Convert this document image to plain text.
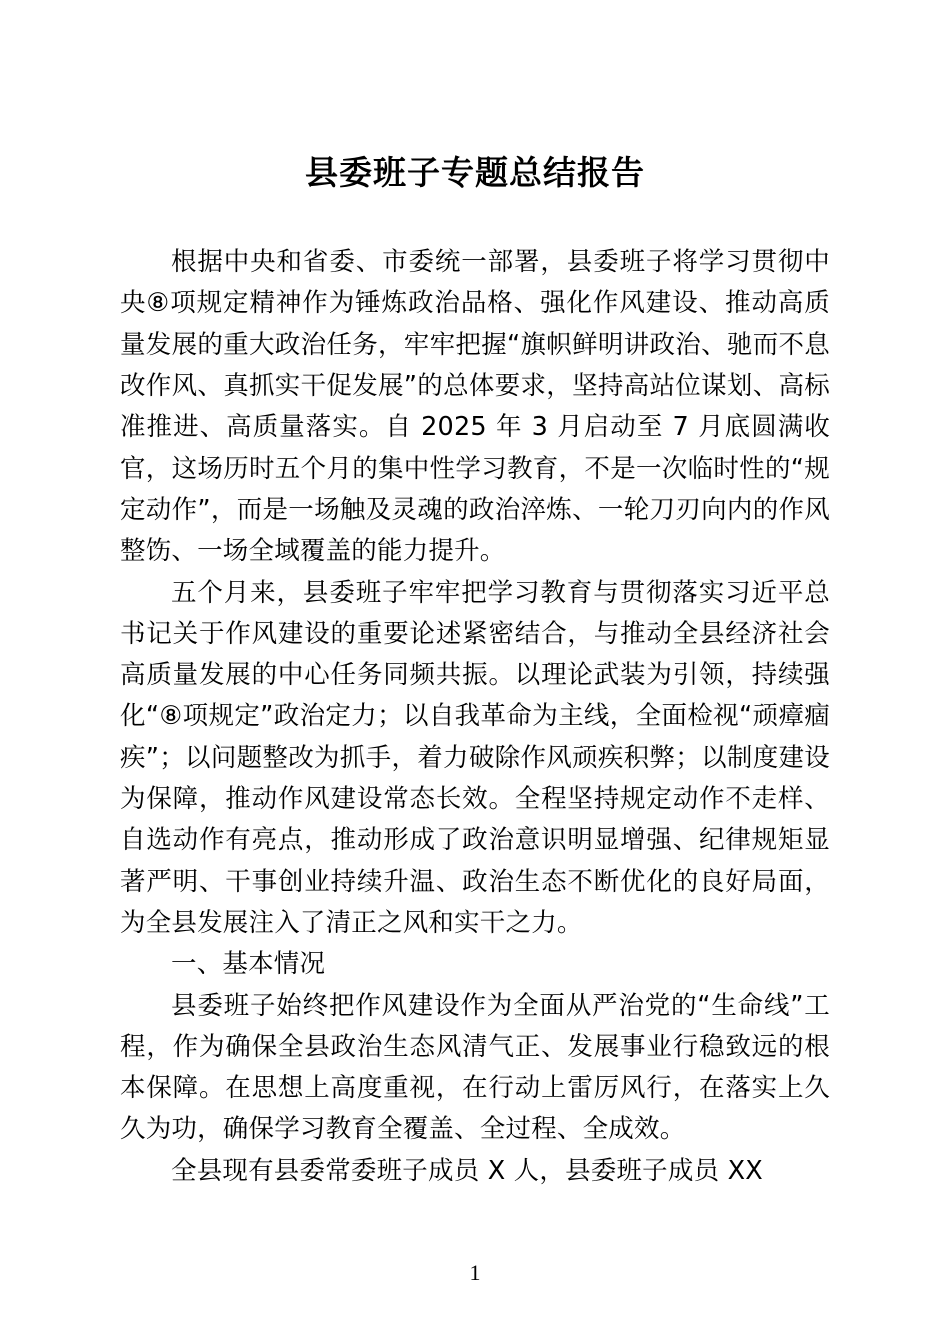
县委班子专题总结报告

根据中央和省委、市委统一部署，县委班子将学习贯彻中央⑧项规定精神作为锤炼政治品格、强化作风建设、推动高质量发展的重大政治任务，牢牢把握“旗帜鲜明讲政治、驰而不息改作风、真抓实干促发展”的总体要求，坚持高站位谋划、高标准推进、高质量落实。自 2025 年 3 月启动至 7 月底圆满收官，这场历时五个月的集中性学习教育，不是一次临时性的“规定动作”，而是一场触及灵魂的政治淬炼、一轮刀刃向内的作风整饬、一场全域覆盖的能力提升。

五个月来，县委班子牢牢把学习教育与贯彻落实习近平总书记关于作风建设的重要论述紧密结合，与推动全县经济社会高质量发展的中心任务同频共振。以理论武装为引领，持续强化“⑧项规定”政治定力；以自我革命为主线，全面检视“顽瘴痼疾”；以问题整改为抓手，着力破除作风顽疾积弊；以制度建设为保障，推动作风建设常态长效。全程坚持规定动作不走样、自选动作有亮点，推动形成了政治意识明显增强、纪律规矩显著严明、干事创业持续升温、政治生态不断优化的良好局面，为全县发展注入了清正之风和实干之力。

一、基本情况

县委班子始终把作风建设作为全面从严治党的“生命线”工程，作为确保全县政治生态风清气正、发展事业行稳致远的根本保障。在思想上高度重视，在行动上雷厉风行，在落实上久久为功，确保学习教育全覆盖、全过程、全成效。

全县现有县委常委班子成员 X 人，县委班子成员 XX

1
